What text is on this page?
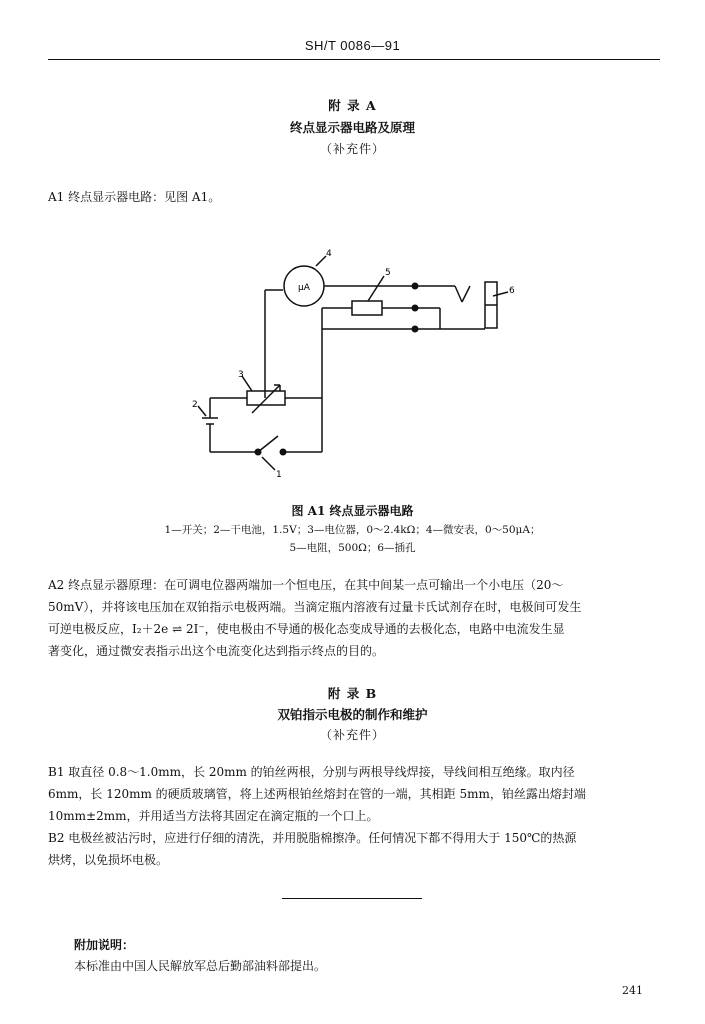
SH/T 0086—91
附 录 A
终点显示器电路及原理
（补充件）
A1 终点显示器电路：见图 A1。
μA
1
2
3
4
5
6
图 A1 终点显示器电路
1—开关；2—干电池，1.5V；3—电位器，0～2.4kΩ；4—微安表，0～50μA；
5—电阻，500Ω；6—插孔
A2 终点显示器原理：在可调电位器两端加一个恒电压，在其中间某一点可输出一个小电压（20～
50mV），并将该电压加在双铂指示电极两端。当滴定瓶内溶液有过量卡氏试剂存在时，电极间可发生
可逆电极反应，I₂＋2e ⇌ 2I⁻，使电极由不导通的极化态变成导通的去极化态，电路中电流发生显
著变化，通过微安表指示出这个电流变化达到指示终点的目的。
附 录 B
双铂指示电极的制作和维护
（补充件）
B1 取直径 0.8～1.0mm，长 20mm 的铂丝两根，分别与两根导线焊接，导线间相互绝缘。取内径
6mm，长 120mm 的硬质玻璃管，将上述两根铂丝熔封在管的一端，其相距 5mm，铂丝露出熔封端
10mm±2mm，并用适当方法将其固定在滴定瓶的一个口上。
B2 电极丝被沾污时，应进行仔细的清洗，并用脱脂棉擦净。任何情况下都不得用大于 150℃的热源
烘烤，以免损坏电极。
附加说明：
本标准由中国人民解放军总后勤部油料部提出。
241
